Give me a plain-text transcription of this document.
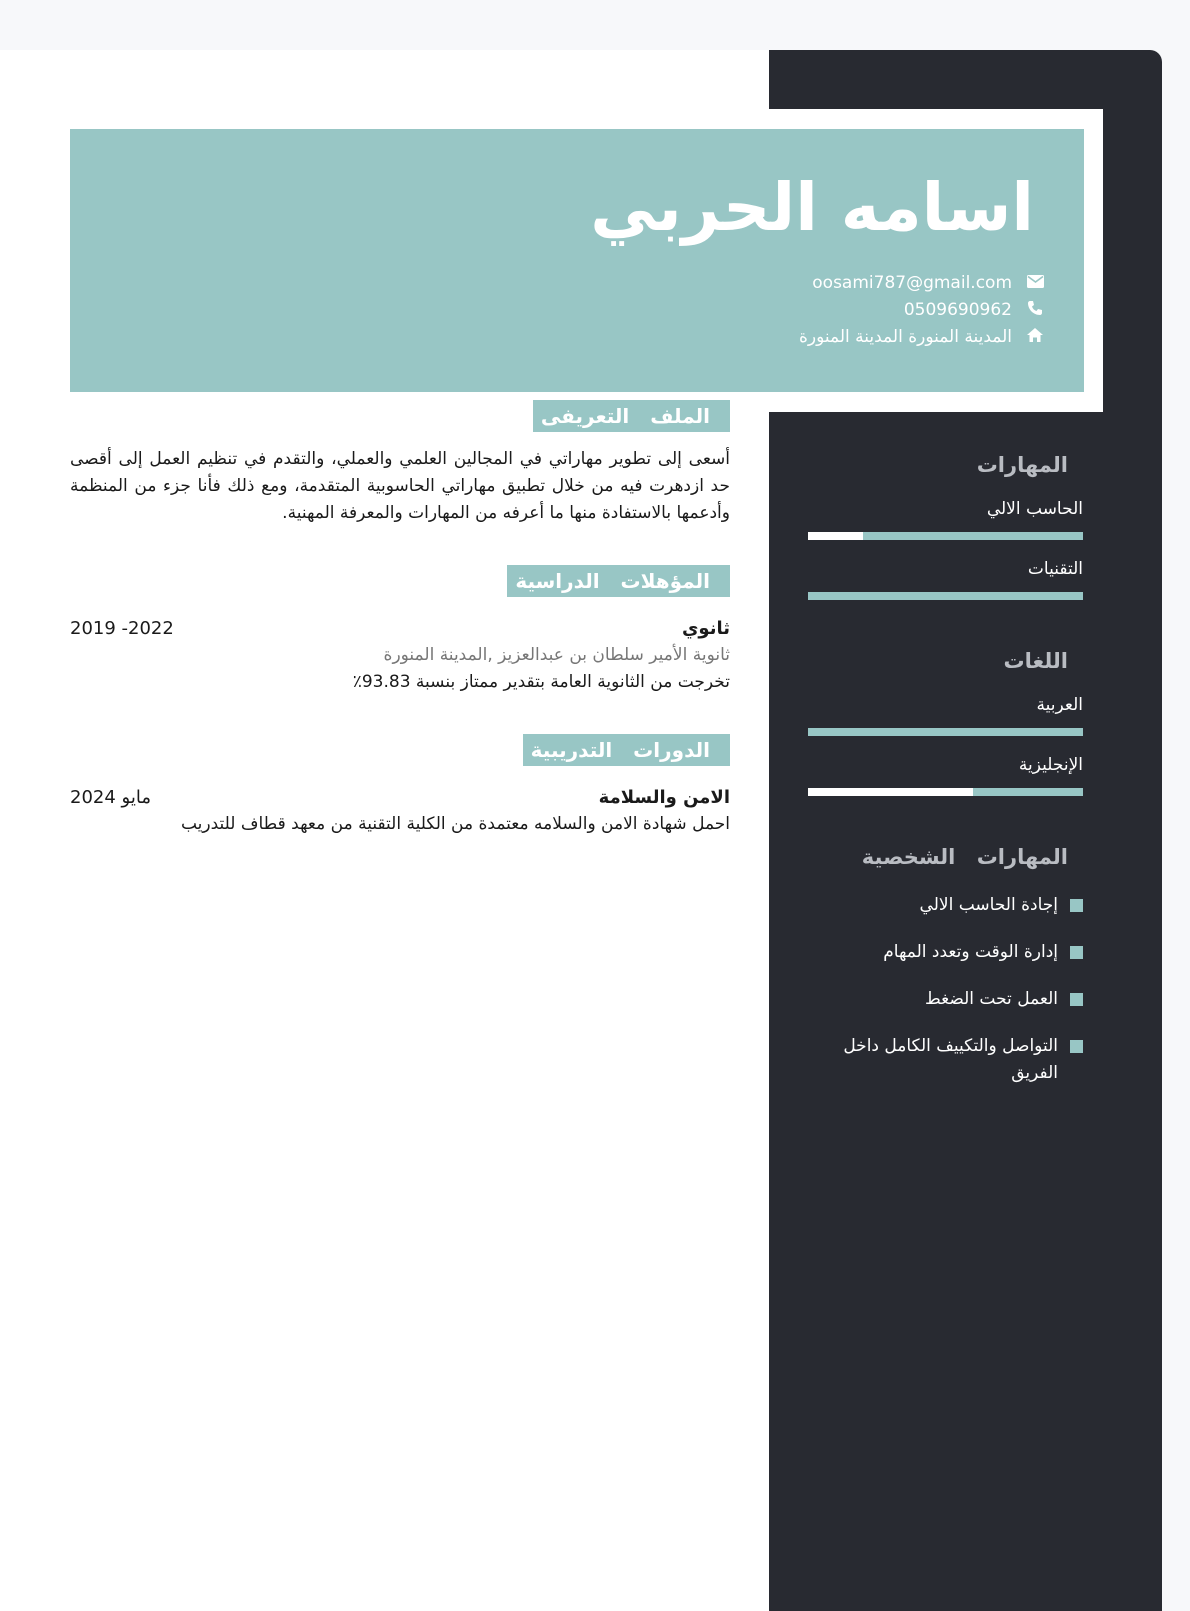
اسامه الحربي
oosami787@gmail.com
0509690962
المدينة المنورة المدينة المنورة
الملف التعريفى

أسعى إلى تطوير مهاراتي في المجالين العلمي والعملي، والتقدم في تنظيم العمل إلى أقصى حد ازدهرت فيه من خلال تطبيق مهاراتي الحاسوبية المتقدمة، ومع ذلك فأنا جزء من المنظمة وأدعمها بالاستفادة منها ما أعرفه من المهارات والمعرفة المهنية.

المؤهلات الدراسية
ثانوي
2019 -2022
ثانوية الأمير سلطان بن عبدالعزيز ,المدينة المنورة
تخرجت من الثانوية العامة بتقدير ممتاز بنسبة 93.83٪
الدورات التدريبية
الامن والسلامة
مايو 2024
احمل شهادة الامن والسلامه معتمدة من الكلية التقنية من معهد قطاف للتدريب
المهارات
الحاسب الالي
التقنيات
اللغات
العربية
الإنجليزية
المهارات الشخصية
إجادة الحاسب الالي
إدارة الوقت وتعدد المهام
العمل تحت الضغط
التواصل والتكييف الكامل داخل الفريق
